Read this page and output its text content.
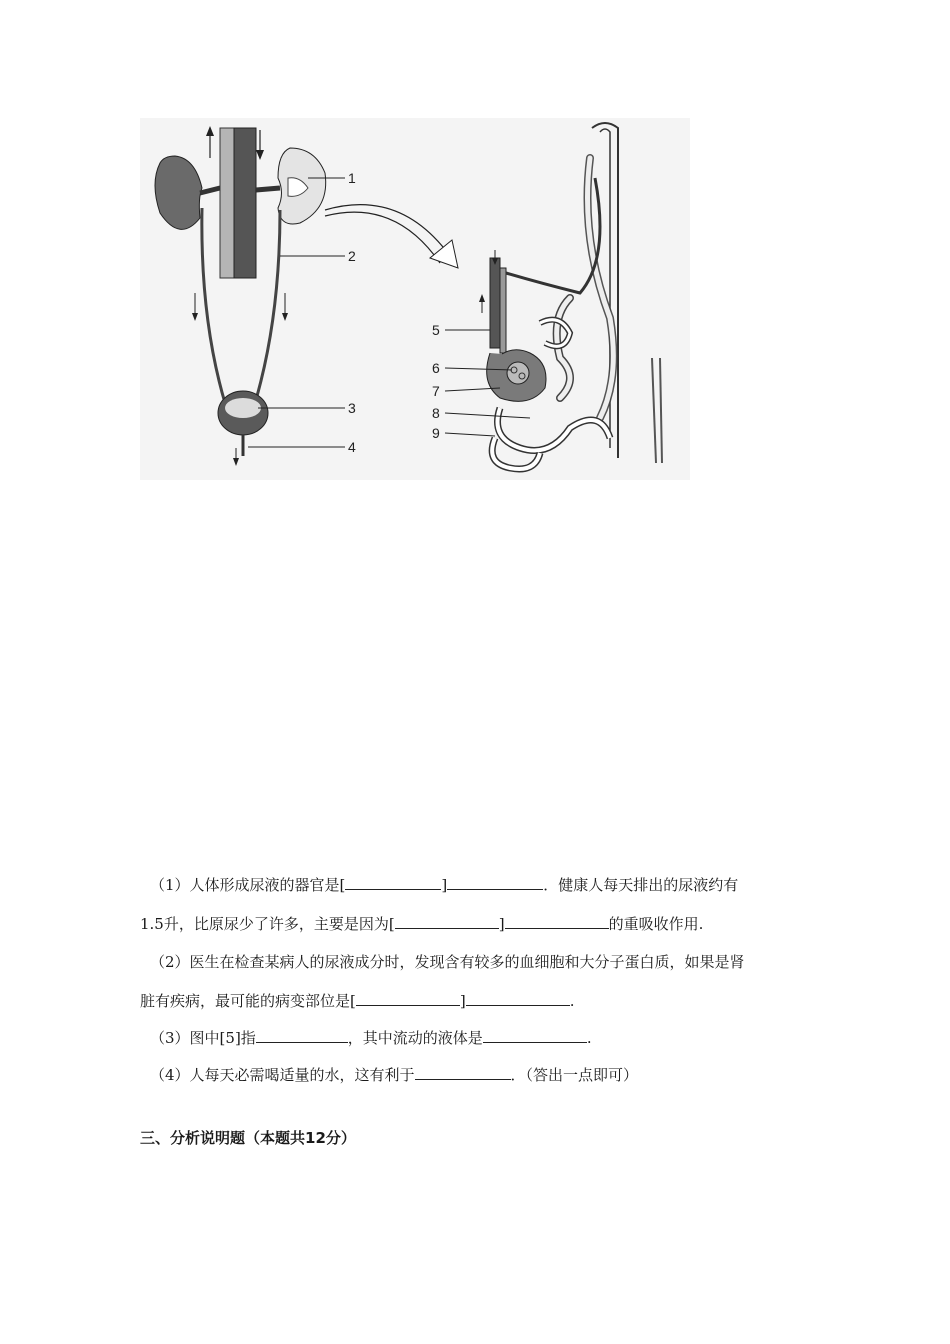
1
2
3
4
5
6
7
8
9
（1）人体形成尿液的器官是[	]	．健康人每天排出的尿液约有
1.5升，比原尿少了许多，主要是因为[	]	的重吸收作用.
（2）医生在检查某病人的尿液成分时，发现含有较多的血细胞和大分子蛋白质，如果是肾
脏有疾病，最可能的病变部位是[	]	.
（3）图中[5]指	，其中流动的液体是	.
（4）人每天必需喝适量的水，这有利于	．（答出一点即可）
三、分析说明题（本题共12分）
